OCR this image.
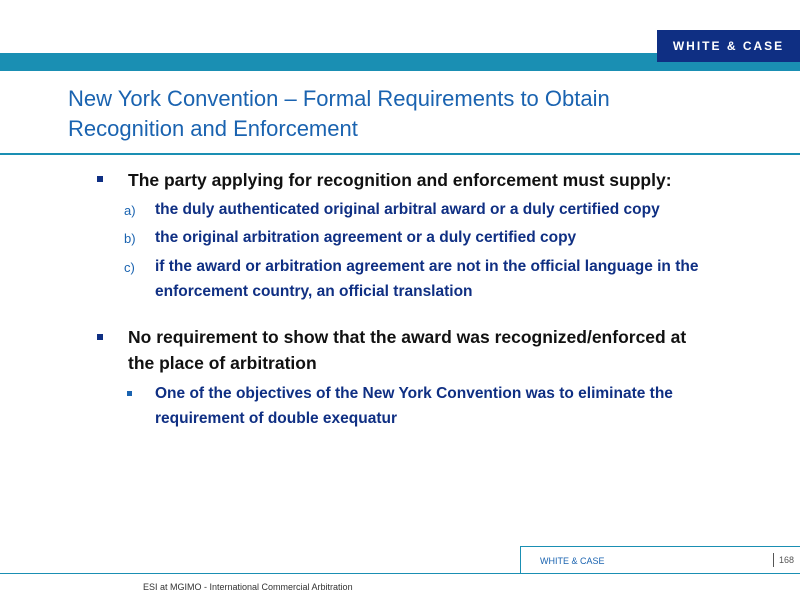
WHITE & CASE
New York Convention – Formal Requirements to Obtain
Recognition and Enforcement
The party applying for recognition and enforcement must supply:
a) the duly authenticated original arbitral award or a duly certified copy
b) the original arbitration agreement or a duly certified copy
c) if the award or arbitration agreement are not in the official language in the
enforcement country, an official translation
No requirement to show that the award was recognized/enforced at
the place of arbitration
One of the objectives of the New York Convention was to eliminate the
requirement of double exequatur
WHITE & CASE	168
ESI at MGIMO - International Commercial Arbitration
